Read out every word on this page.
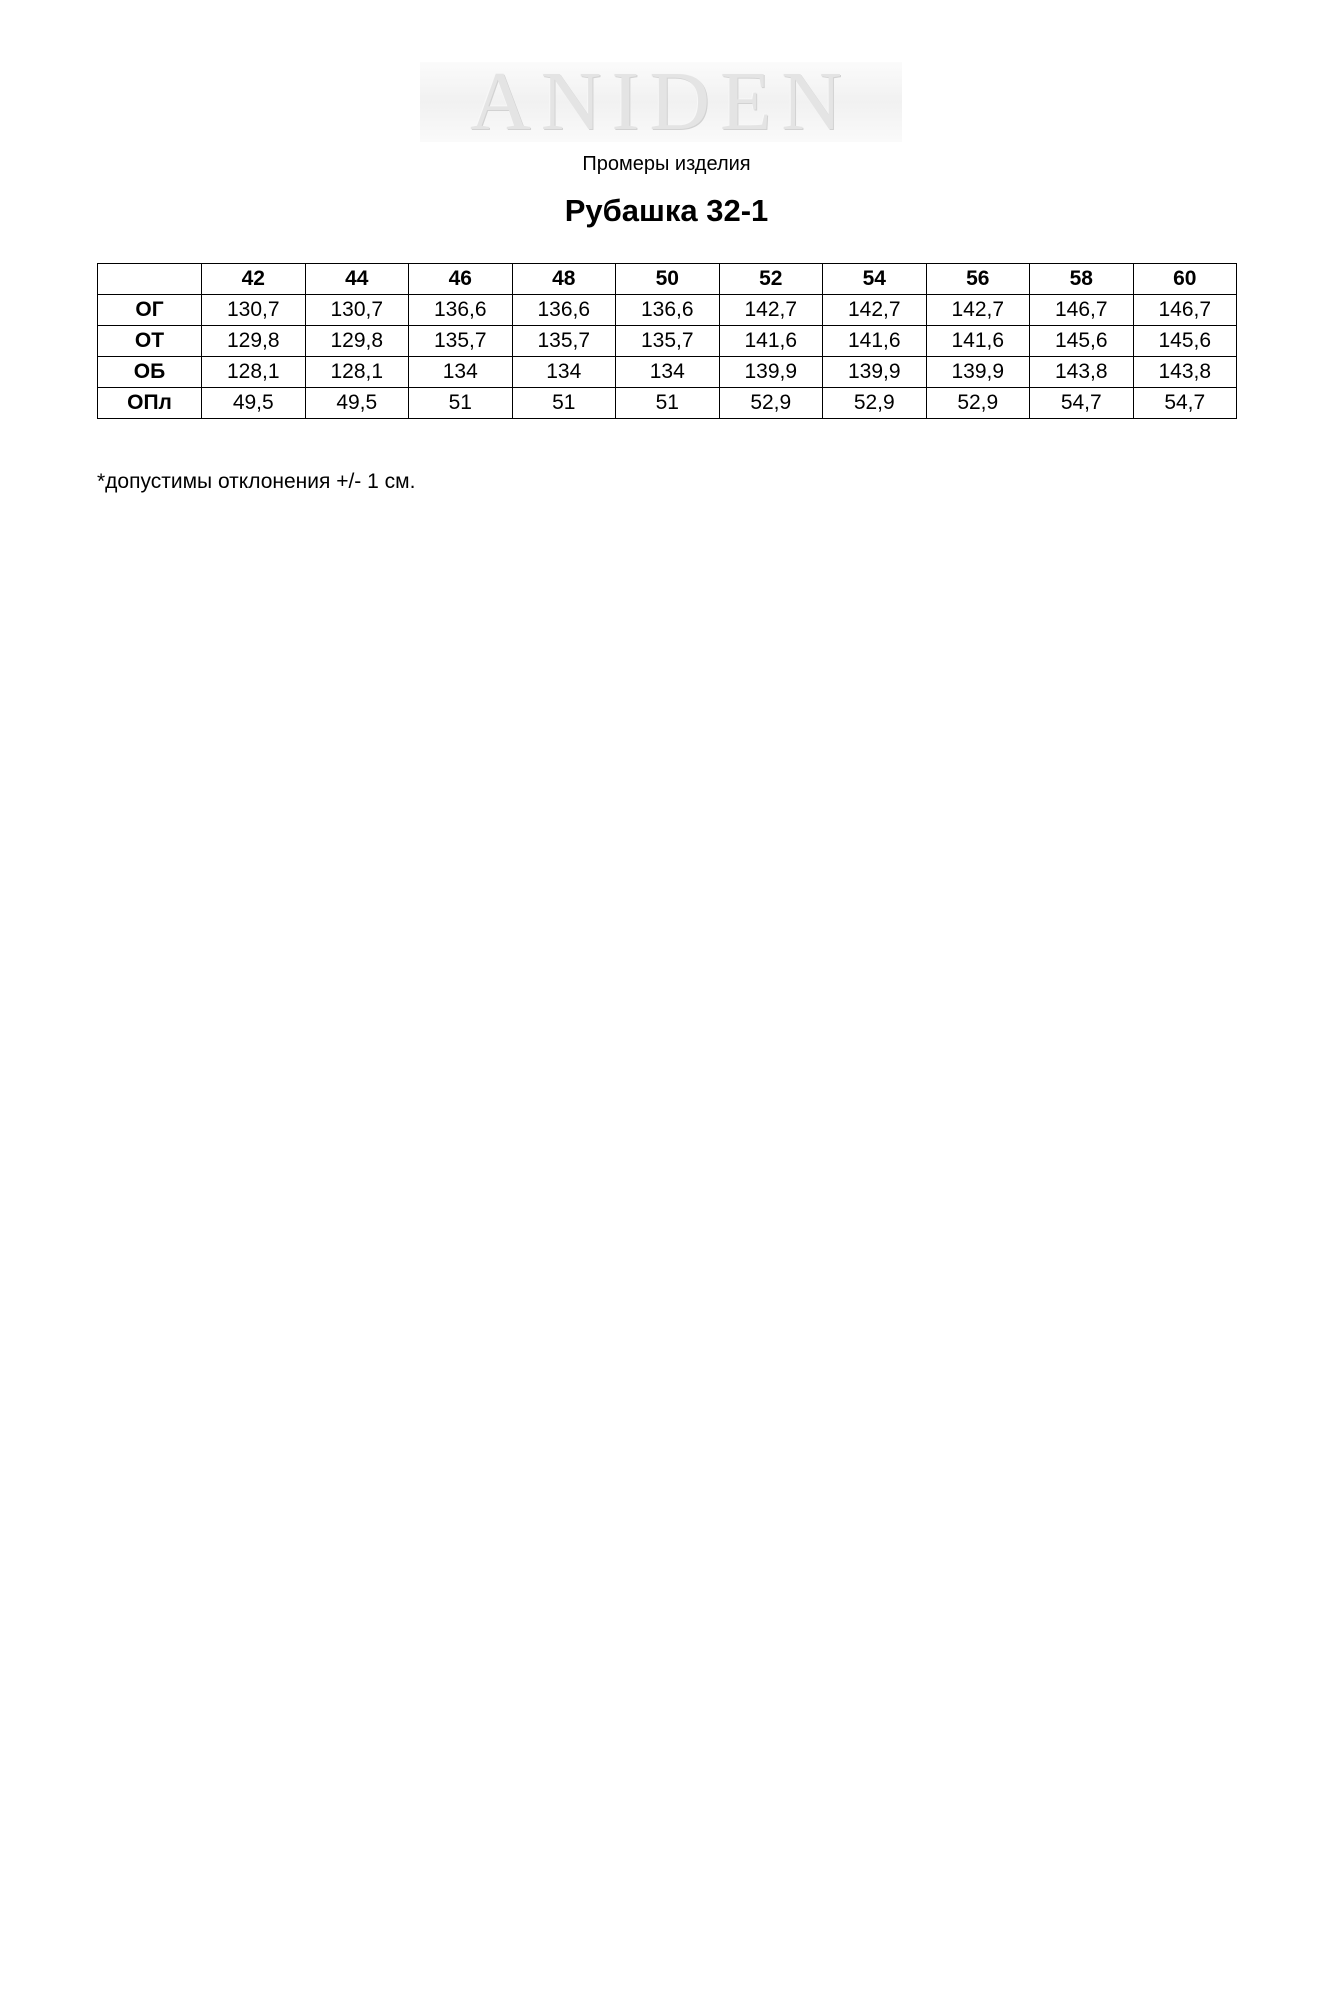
ANIDEN
Промеры изделия
Рубашка 32-1
	42	44	46	48	50	52	54	56	58	60
ОГ	130,7	130,7	136,6	136,6	136,6	142,7	142,7	142,7	146,7	146,7
ОТ	129,8	129,8	135,7	135,7	135,7	141,6	141,6	141,6	145,6	145,6
ОБ	128,1	128,1	134	134	134	139,9	139,9	139,9	143,8	143,8
ОПл	49,5	49,5	51	51	51	52,9	52,9	52,9	54,7	54,7
*допустимы отклонения +/- 1 см.
